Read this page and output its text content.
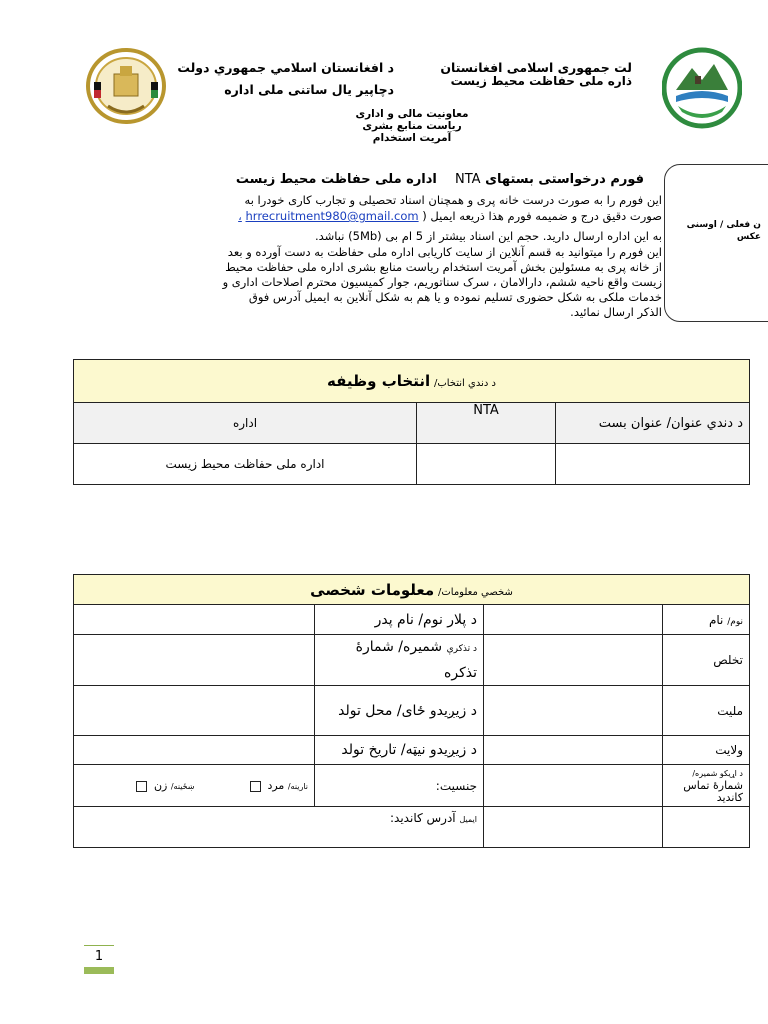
د افغانستان اسلامي جمهوري دولت
دچاپیر یال ساتنی ملی اداره
لت جمهوری اسلامی افغانستان
ذاره ملی حفاظت محیط زیست
معاونیت مالی و اداری
ریاست منابع بشری
آمریت استخدام
فورم درخواستی بستهای NTA    اداره ملی حفاظت محیط زیست
ن فعلی / اوسنی عکس
این فورم را به صورت درست خانه پری و همچنان اسناد تحصیلی و تجارب کاری خودرا به
، hrrecruitment980@gmail.com صورت دقیق درج و ضمیمه فورم هذا ذریعه ایمیل (
به این اداره ارسال دارید. حجم این اسناد بیشتر از 5 ام بی (5Mb) نباشد.
این فورم را میتوانید به قسم آنلاین از سایت کاریابی اداره ملی حفاظت به دست آورده و بعد
از خانه پری به مسئولین بخش آمریت استخدام ریاست منابع بشری اداره ملی حفاظت محیط
زیست واقع ناحیه ششم، دارالامان ، سرک سناتوریم، جوار کمیسیون محترم اصلاحات اداری و
خدمات ملکی به شکل حضوری تسلیم نموده و یا هم به شکل آنلاین به ایمیل آدرس فوق
الذکر ارسال نمائید.
د دندي انتخاب/ انتخاب وظیفه		
اداره	NTA	د دندي عنوان/ عنوان بست
اداره ملی حفاظت محیط زیست		
شخصي معلومات/ معلومات شخصی			
	د پلار نوم/ نام پدر		نوم/ نام
	د تذکرې شمیره/ شمارهٔ تذکره		تخلص
	د زیږیدو ځای/ محل تولد		ملیت
	د زیږیدو نیټه/ تاریخ تولد		ولایت
نارینه/ مرد                ښځینه/ زن	جنسیت:		د اړیکو شمیره/ شمارهٔ تماس کاندید
ایمیل آدرس کاندید:			
1
